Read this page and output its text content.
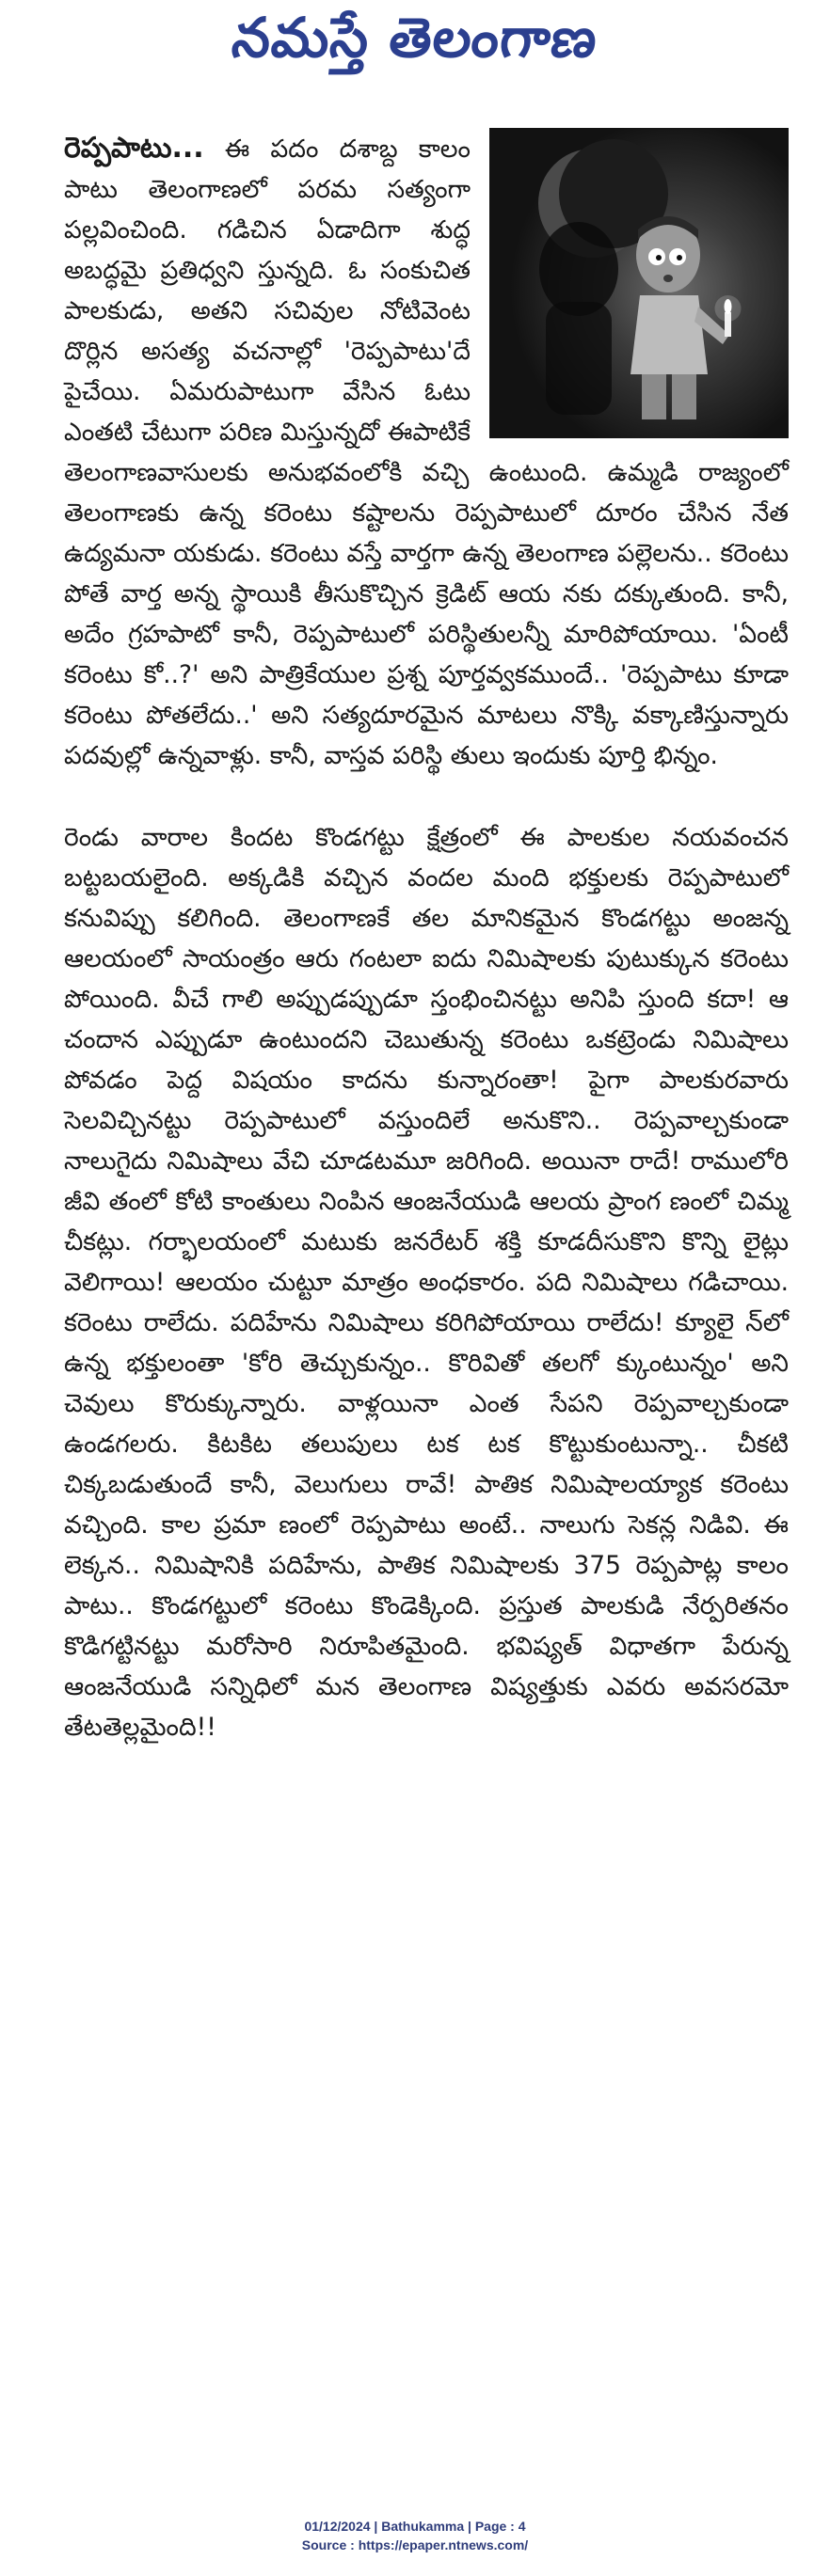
నమస్తే తెలంగాణ

రెప్పపాటు... ఈ పదం దశాబ్ద కాలం పాటు తెలంగాణలో పరమ సత్యంగా పల్లవించింది. గడిచిన ఏడాదిగా శుద్ధ అబద్ధమై ప్రతిధ్వని స్తున్నది. ఓ సంకుచిత పాలకుడు, అతని సచివుల నోటివెంట దొర్లిన అసత్య వచనాల్లో 'రెప్పపాటు'దే పైచేయి. ఏమరుపాటుగా వేసిన ఓటు ఎంతటి చేటుగా పరిణ మిస్తున్నదో ఈపాటికే తెలంగాణవాసులకు అనుభవంలోకి వచ్చి ఉంటుంది. ఉమ్మడి రాజ్యంలో తెలంగాణకు ఉన్న కరెంటు కష్టాలను రెప్పపాటులో దూరం చేసిన నేత ఉద్యమనా యకుడు. కరెంటు వస్తే వార్తగా ఉన్న తెలంగాణ పల్లెలను.. కరెంటు పోతే వార్త అన్న స్థాయికి తీసుకొచ్చిన క్రెడిట్ ఆయ నకు దక్కుతుంది. కానీ, అదేం గ్రహపాటో కానీ, రెప్పపాటులో పరిస్థితులన్నీ మారిపోయాయి. 'ఏంటీ కరెంటు కో..?' అని పాత్రికేయుల ప్రశ్న పూర్తవ్వకముందే.. 'రెప్పపాటు కూడా కరెంటు పోతలేదు..' అని సత్యదూరమైన మాటలు నొక్కి వక్కాణిస్తున్నారు పదవుల్లో ఉన్నవాళ్లు. కానీ, వాస్తవ పరిస్థి తులు ఇందుకు పూర్తి భిన్నం.

రెండు వారాల కిందట కొండగట్టు క్షేత్రంలో ఈ పాలకుల నయవంచన బట్టబయలైంది. అక్కడికి వచ్చిన వందల మంది భక్తులకు రెప్పపాటులో కనువిప్పు కలిగింది. తెలంగాణకే తల మానికమైన కొండగట్టు అంజన్న ఆలయంలో సాయంత్రం ఆరు గంటలా ఐదు నిమిషాలకు పుటుక్కున కరెంటు పోయింది. వీచే గాలి అప్పుడప్పుడూ స్తంభించినట్టు అనిపి స్తుంది కదా! ఆ చందాన ఎప్పుడూ ఉంటుందని చెబుతున్న కరెంటు ఒకట్రెండు నిమిషాలు పోవడం పెద్ద విషయం కాదను కున్నారంతా! పైగా పాలకురవారు సెలవిచ్చినట్టు రెప్పపాటులో వస్తుందిలే అనుకొని.. రెప్పవాల్చకుండా నాలుగైదు నిమిషాలు వేచి చూడటమూ జరిగింది. అయినా రాదే! రాములోరి జీవి తంలో కోటి కాంతులు నింపిన ఆంజనేయుడి ఆలయ ప్రాంగ ణంలో చిమ్మ చీకట్లు. గర్భాలయంలో మటుకు జనరేటర్ శక్తి కూడదీసుకొని కొన్ని లైట్లు వెలిగాయి! ఆలయం చుట్టూ మాత్రం అంధకారం. పది నిమిషాలు గడిచాయి. కరెంటు రాలేదు. పదిహేను నిమిషాలు కరిగిపోయాయి రాలేదు! క్యూలై న్‌లో ఉన్న భక్తులంతా 'కోరి తెచ్చుకున్నం.. కొరివితో తలగో క్కుంటున్నం' అని చెవులు కొరుక్కున్నారు. వాళ్లయినా ఎంత సేపని రెప్పవాల్చకుండా ఉండగలరు. కిటకిట తలుపులు టక టక కొట్టుకుంటున్నా.. చీకటి చిక్కబడుతుందే కానీ, వెలుగులు రావే! పాతిక నిమిషాలయ్యాక కరెంటు వచ్చింది. కాల ప్రమా ణంలో రెప్పపాటు అంటే.. నాలుగు సెకన్ల నిడివి. ఈ లెక్కన.. నిమిషానికి పదిహేను, పాతిక నిమిషాలకు 375 రెప్పపాట్ల కాలం పాటు.. కొండగట్టులో కరెంటు కొండెక్కింది. ప్రస్తుత పాలకుడి నేర్పరితనం కొడిగట్టినట్టు మరోసారి నిరూపితమైంది. భవిష్యత్ విధాతగా పేరున్న ఆంజనేయుడి సన్నిధిలో మన తెలంగాణ విష్యత్తుకు ఎవరు అవసరమో తేటతెల్లమైంది!!

01/12/2024 | Bathukamma | Page : 4
Source : https://epaper.ntnews.com/
